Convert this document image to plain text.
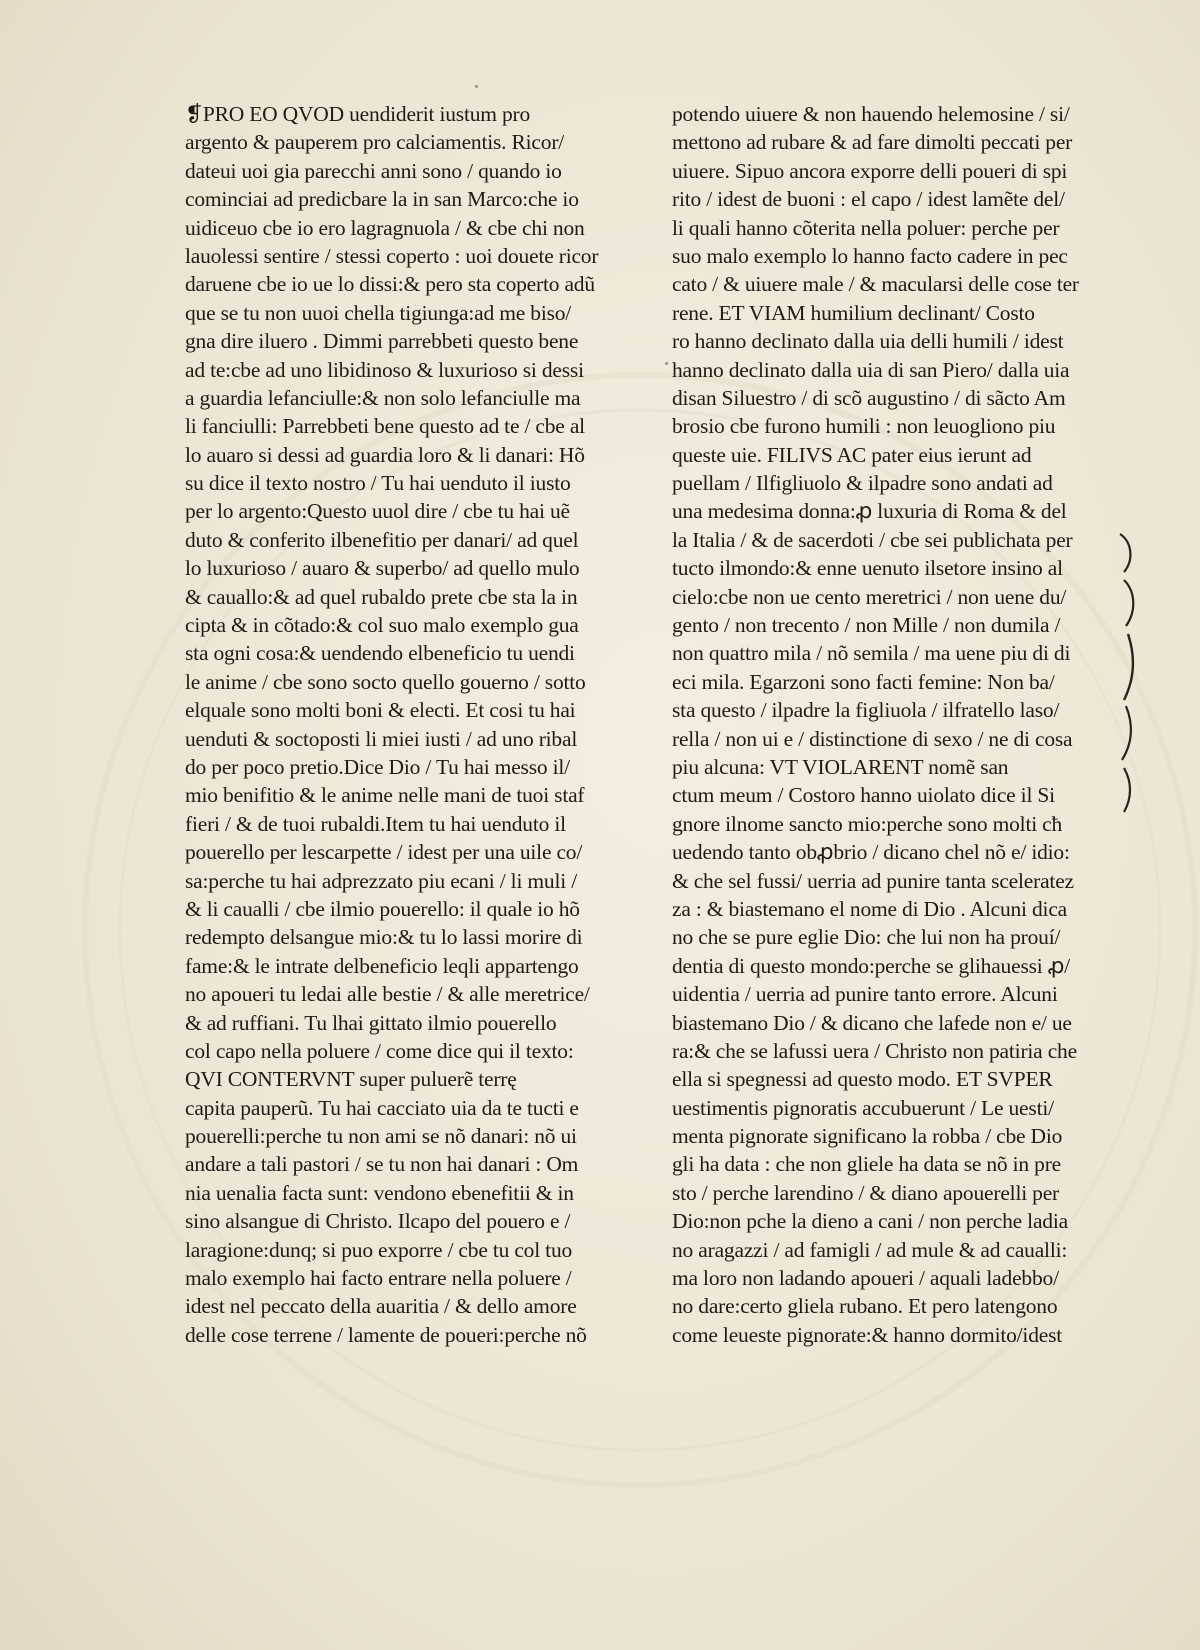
❡PRO EO QVOD uendiderit iustum pro
argento & pauperem pro calciamentis. Ricor/
dateui uoi gia parecchi anni sono / quando io
cominciai ad predicbare la in san Marco:che io
uidiceuo cbe io ero lagragnuola / & cbe chi non
lauolessi sentire / stessi coperto : uoi douete ricor
daruene cbe io ue lo dissi:& pero sta coperto adũ
que se tu non uuoi chella tigiunga:ad me biso/
gna dire iluero . Dimmi parrebbeti questo bene
ad te:cbe ad uno libidinoso & luxurioso si dessi
a guardia lefanciulle:& non solo lefanciulle ma
li fanciulli: Parrebbeti bene questo ad te / cbe al
lo auaro si dessi ad guardia loro & li danari: Hõ
su dice il texto nostro / Tu hai uenduto il iusto
per lo argento:Questo uuol dire / cbe tu hai uẽ
duto & conferito ilbenefitio per danari/ ad quel
lo luxurioso / auaro & superbo/ ad quello mulo
& cauallo:& ad quel rubaldo prete cbe sta la in
cipta & in cõtado:& col suo malo exemplo gua
sta ogni cosa:& uendendo elbeneficio tu uendi
le anime / cbe sono socto quello gouerno / sotto
elquale sono molti boni & electi. Et cosi tu hai
uenduti & soctoposti li miei iusti / ad uno ribal
do per poco pretio.Dice Dio / Tu hai messo il/
mio benifitio & le anime nelle mani de tuoi staf
fieri / & de tuoi rubaldi.Item tu hai uenduto il
pouerello per lescarpette / idest per una uile co/
sa:perche tu hai adprezzato piu ecani / li muli /
& li caualli / cbe ilmio pouerello: il quale io hõ
redempto delsangue mio:& tu lo lassi morire di
fame:& le intrate delbeneficio leqli appartengo
no apoueri tu ledai alle bestie / & alle meretrice/
& ad ruffiani. Tu lhai gittato ilmio pouerello
col capo nella poluere / come dice qui il texto:
QVI CONTERVNT super puluerẽ terrę
capita pauperũ. Tu hai cacciato uia da te tucti e
pouerelli:perche tu non ami se nõ danari: nõ ui
andare a tali pastori / se tu non hai danari : Om
nia uenalia facta sunt: vendono ebenefitii & in
sino alsangue di Christo. Ilcapo del pouero e /
laragione:dunq; si puo exporre / cbe tu col tuo
malo exemplo hai facto entrare nella poluere /
idest nel peccato della auaritia / & dello amore
delle cose terrene / lamente de poueri:perche nõ
potendo uiuere & non hauendo helemosine / si/
mettono ad rubare & ad fare dimolti peccati per
uiuere. Sipuo ancora exporre delli poueri di spi
rito / idest de buoni : el capo / idest lamẽte del/
li quali hanno cõterita nella poluer: perche per
suo malo exemplo lo hanno facto cadere in pec
cato / & uiuere male / & macularsi delle cose ter
rene. ET VIAM humilium declinant/ Costo
ro hanno declinato dalla uia delli humili / idest
hanno declinato dalla uia di san Piero/ dalla uia
disan Siluestro / di scõ augustino / di sãcto Am
brosio cbe furono humili : non leuogliono piu
queste uie. FILIVS AC pater eius ierunt ad
puellam / Ilfigliuolo & ilpadre sono andati ad
una medesima donna:ꝓ luxuria di Roma & del
la Italia / & de sacerdoti / cbe sei publichata per
tucto ilmondo:& enne uenuto ilsetore insino al
cielo:cbe non ue cento meretrici / non uene du/
gento / non trecento / non Mille / non dumila /
non quattro mila / nõ semila / ma uene piu di di
eci mila. Egarzoni sono facti femine: Non ba/
sta questo / ilpadre la figliuola / ilfratello laso/
rella / non ui e / distinctione di sexo / ne di cosa
piu alcuna: VT VIOLARENT nomẽ san
ctum meum / Costoro hanno uiolato dice il Si
gnore ilnome sancto mio:perche sono molti cħ
uedendo tanto obꝓbrio / dicano chel nõ e/ idio:
& che sel fussi/ uerria ad punire tanta sceleratez
za : & biastemano el nome di Dio . Alcuni dica
no che se pure eglie Dio: che lui non ha prouí/
dentia di questo mondo:perche se glihauessi ꝓ/
uidentia / uerria ad punire tanto errore. Alcuni
biastemano Dio / & dicano che lafede non e/ ue
ra:& che se lafussi uera / Christo non patiria che
ella si spegnessi ad questo modo. ET SVPER
uestimentis pignoratis accubuerunt / Le uesti/
menta pignorate significano la robba / cbe Dio
gli ha data : che non gliele ha data se nõ in pre
sto / perche larendino / & diano apouerelli per
Dio:non pche la dieno a cani / non perche ladia
no aragazzi / ad famigli / ad mule & ad caualli:
ma loro non ladando apoueri / aquali ladebbo/
no dare:certo gliela rubano. Et pero latengono
come leueste pignorate:& hanno dormito/idest
